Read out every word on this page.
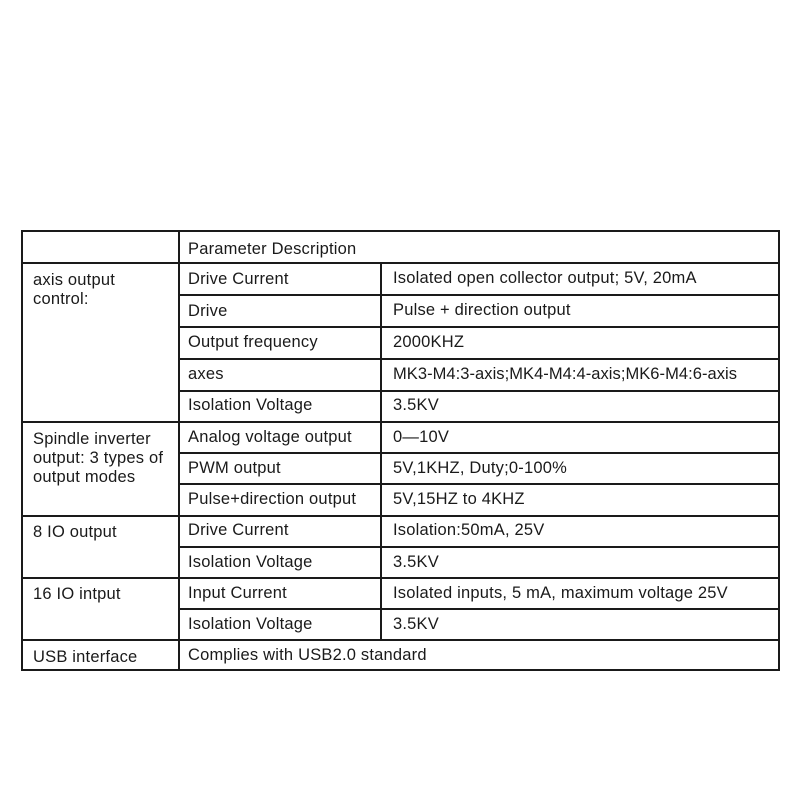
Parameter Description
axis output control:
Spindle inverter output: 3 types of output modes
8 IO output
16 IO intput
USB interface
Drive Current
Drive
Output frequency
axes
Isolation Voltage
Analog voltage output
PWM output
Pulse+direction output
Drive Current
Isolation Voltage
Input Current
Isolation Voltage
Isolated open collector output; 5V, 20mA
Pulse + direction output
2000KHZ
MK3-M4:3-axis;MK4-M4:4-axis;MK6-M4:6-axis
3.5KV
0—10V
5V,1KHZ, Duty;0-100%
5V,15HZ to 4KHZ
Isolation:50mA, 25V
3.5KV
Isolated inputs, 5 mA, maximum voltage 25V
3.5KV
Complies with USB2.0 standard
